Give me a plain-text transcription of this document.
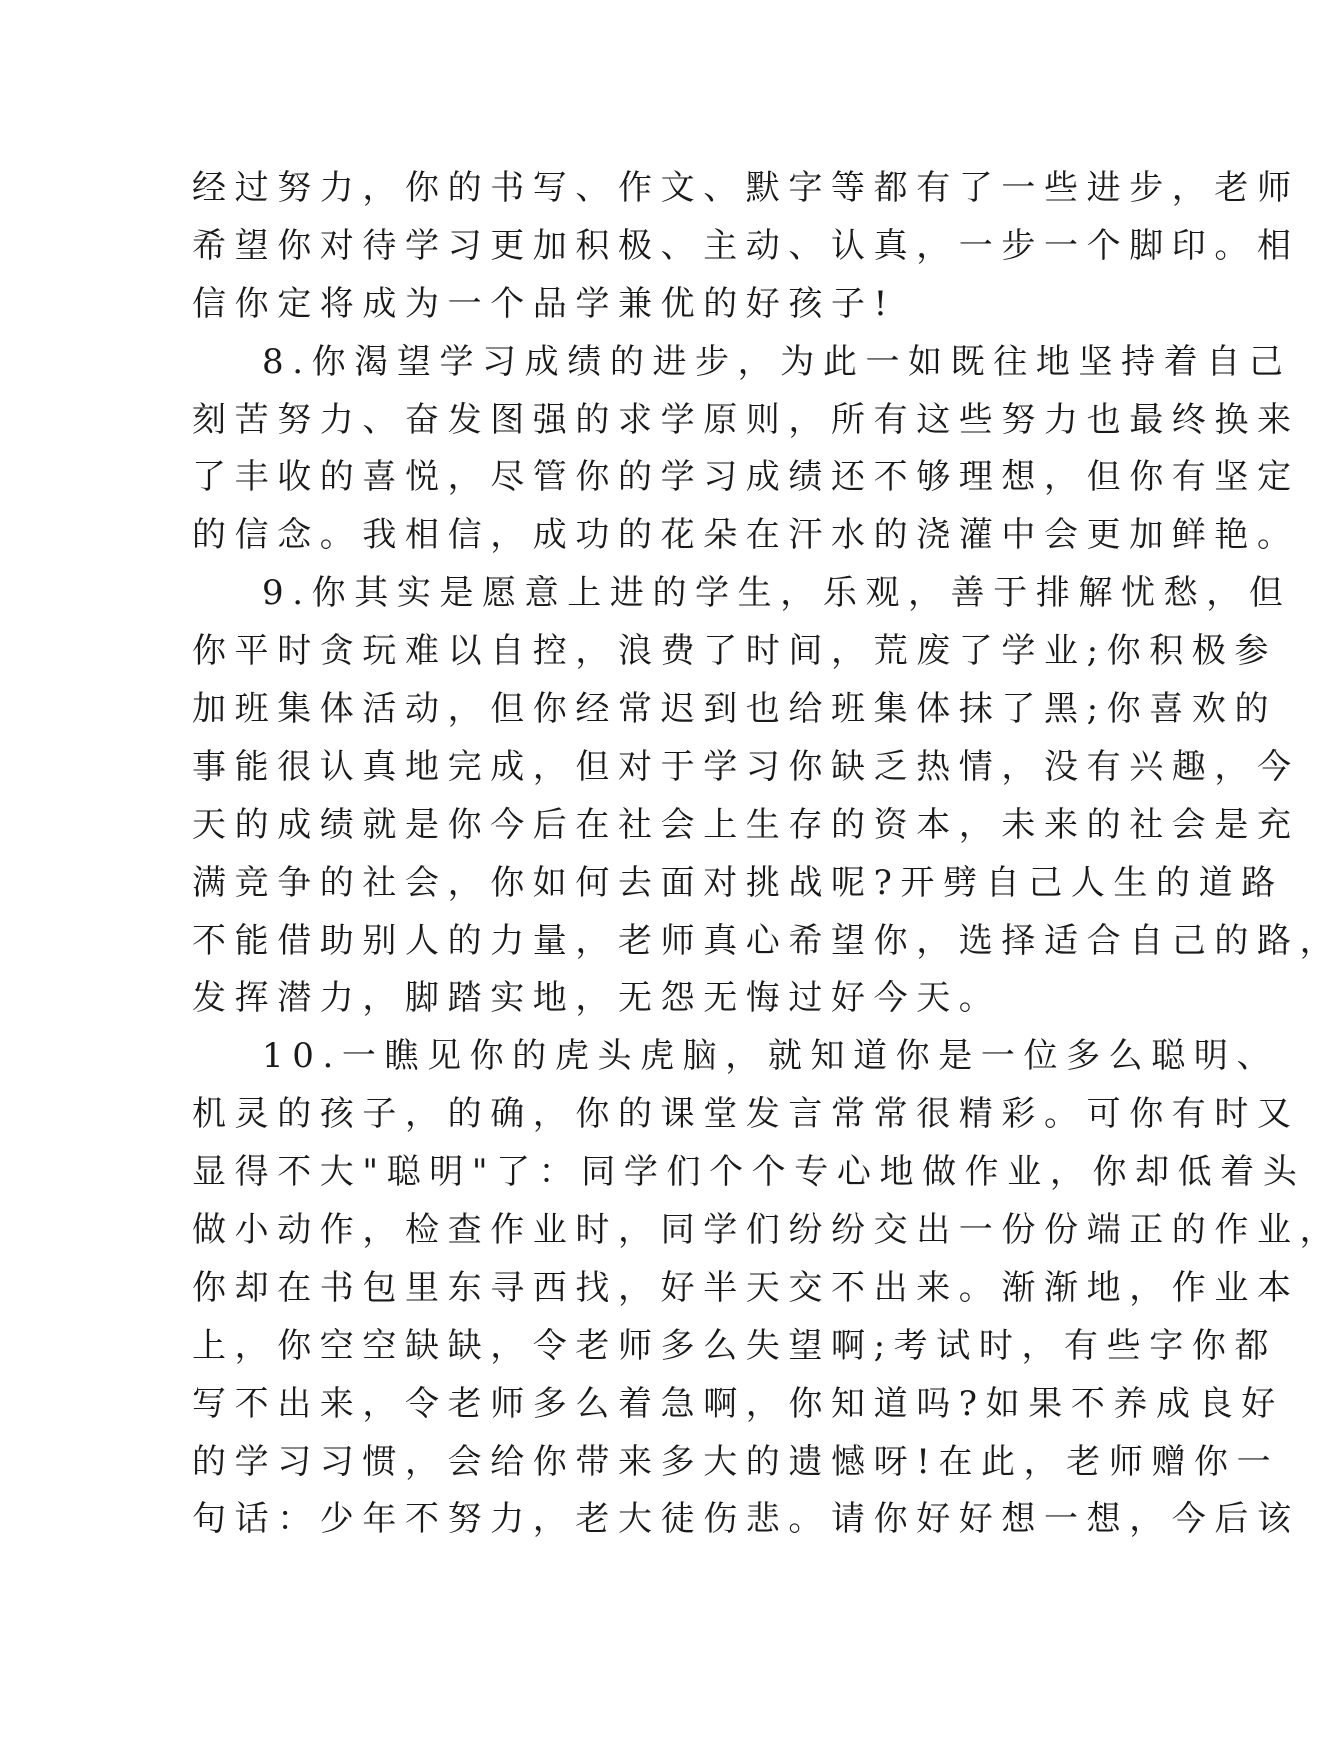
经过努力，你的书写、作文、默字等都有了一些进步，老师
希望你对待学习更加积极、主动、认真，一步一个脚印。相
信你定将成为一个品学兼优的好孩子!
8.你渴望学习成绩的进步，为此一如既往地坚持着自己
刻苦努力、奋发图强的求学原则，所有这些努力也最终换来
了丰收的喜悦，尽管你的学习成绩还不够理想，但你有坚定
的信念。我相信，成功的花朵在汗水的浇灌中会更加鲜艳。
9.你其实是愿意上进的学生，乐观，善于排解忧愁，但
你平时贪玩难以自控，浪费了时间，荒废了学业;你积极参
加班集体活动，但你经常迟到也给班集体抹了黑;你喜欢的
事能很认真地完成，但对于学习你缺乏热情，没有兴趣，今
天的成绩就是你今后在社会上生存的资本，未来的社会是充
满竞争的社会，你如何去面对挑战呢?开劈自己人生的道路
不能借助别人的力量，老师真心希望你，选择适合自己的路，
发挥潜力，脚踏实地，无怨无悔过好今天。
10.一瞧见你的虎头虎脑，就知道你是一位多么聪明、
机灵的孩子，的确，你的课堂发言常常很精彩。可你有时又
显得不大"聪明"了：同学们个个专心地做作业，你却低着头
做小动作，检查作业时，同学们纷纷交出一份份端正的作业，
你却在书包里东寻西找，好半天交不出来。渐渐地，作业本
上，你空空缺缺，令老师多么失望啊;考试时，有些字你都
写不出来，令老师多么着急啊，你知道吗?如果不养成良好
的学习习惯，会给你带来多大的遗憾呀!在此，老师赠你一
句话：少年不努力，老大徒伤悲。请你好好想一想，今后该
